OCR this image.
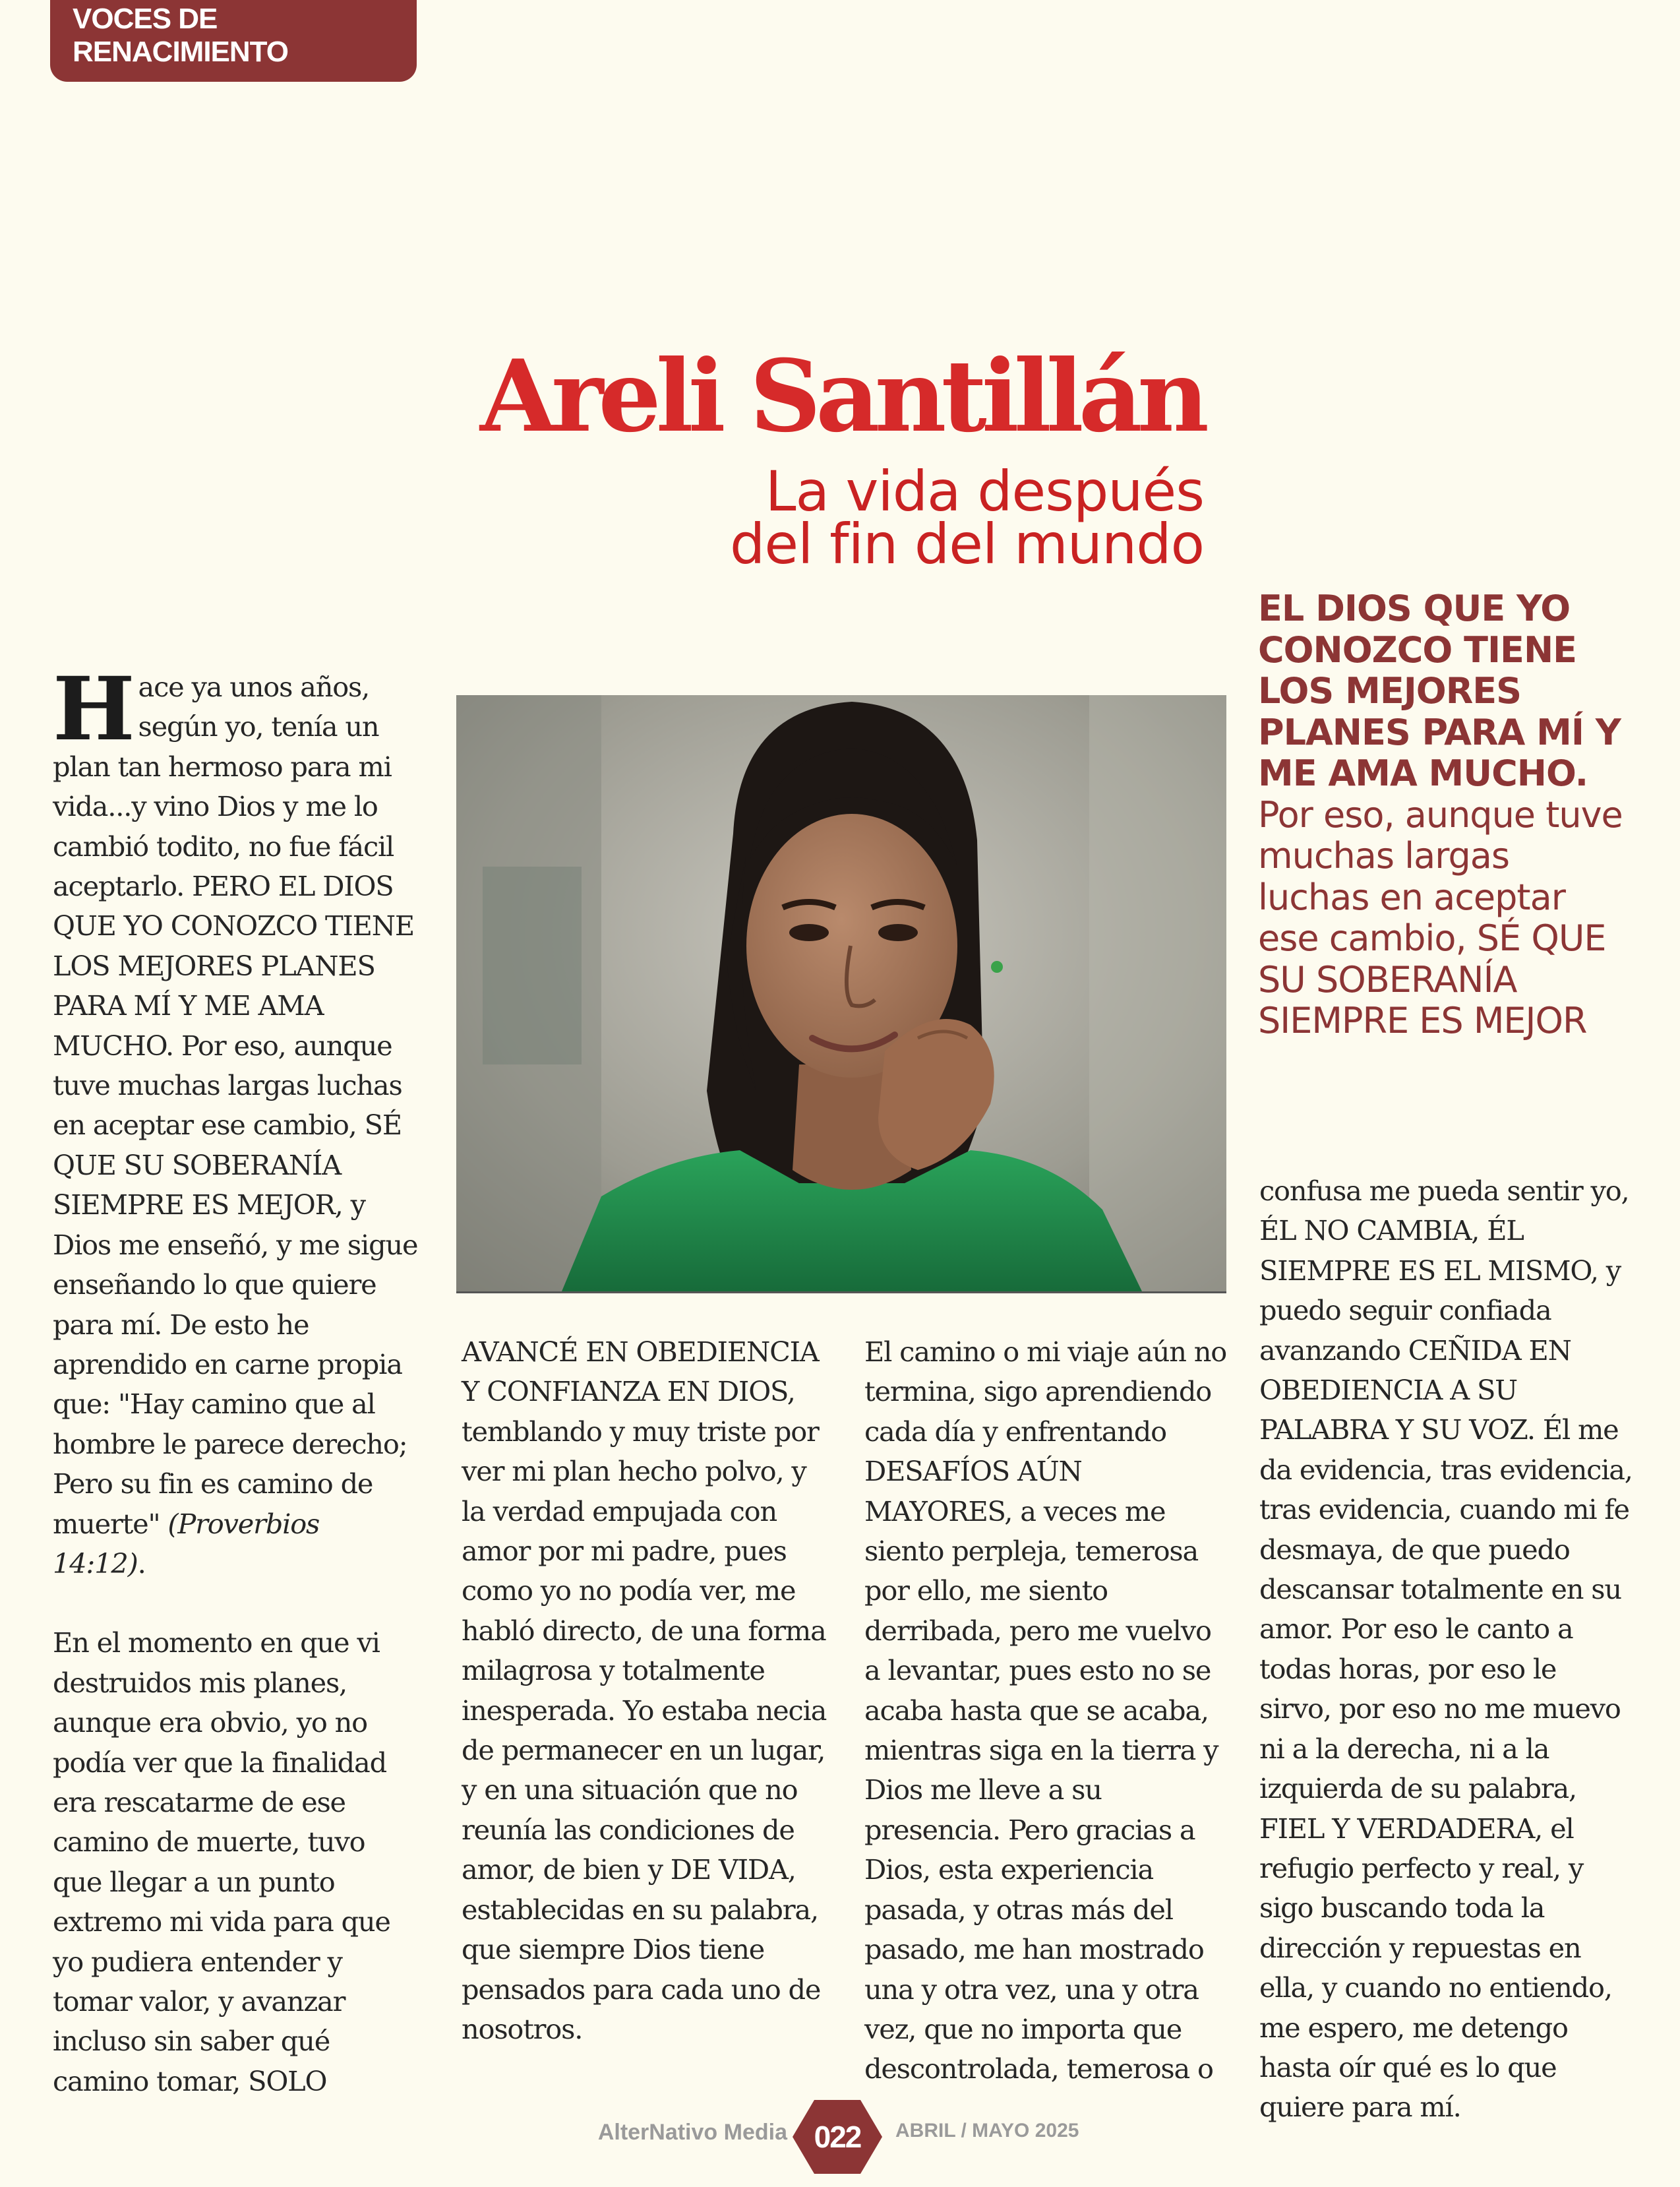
VOCES DE RENACIMIENTO
Areli Santillán
La vida después
del fin del mundo
EL DIOS QUE YO CONOZCO TIENE LOS MEJORES PLANES PARA MÍ Y ME AMA MUCHO. Por eso, aunque tuve muchas largas luchas en aceptar ese cambio, SÉ QUE SU SOBERANÍA SIEMPRE ES MEJOR

Hace ya unos años, según yo, tenía un plan tan hermoso para mi vida...y vino Dios y me lo cambió todito, no fue fácil aceptarlo. PERO EL DIOS QUE YO CONOZCO TIENE LOS MEJORES PLANES PARA MÍ Y ME AMA MUCHO. Por eso, aunque tuve muchas largas luchas en aceptar ese cambio, SÉ QUE SU SOBERANÍA SIEMPRE ES MEJOR, y Dios me enseñó, y me sigue enseñando lo que quiere para mí. De esto he aprendido en carne propia que: "Hay camino que al hombre le parece derecho; Pero su fin es camino de muerte" (Proverbios 14:12).

En el momento en que vi destruidos mis planes, aunque era obvio, yo no podía ver que la finalidad era rescatarme de ese camino de muerte, tuvo que llegar a un punto extremo mi vida para que yo pudiera entender y tomar valor, y avanzar incluso sin saber qué camino tomar, SOLO

AVANCÉ EN OBEDIENCIA Y CONFIANZA EN DIOS, temblando y muy triste por ver mi plan hecho polvo, y la verdad empujada con amor por mi padre, pues como yo no podía ver, me habló directo, de una forma milagrosa y totalmente inesperada. Yo estaba necia de permanecer en un lugar, y en una situación que no reunía las condiciones de amor, de bien y DE VIDA, establecidas en su palabra, que siempre Dios tiene pensados para cada uno de nosotros.

El camino o mi viaje aún no termina, sigo aprendiendo cada día y enfrentando DESAFÍOS AÚN MAYORES, a veces me siento perpleja, temerosa por ello, me siento derribada, pero me vuelvo a levantar, pues esto no se acaba hasta que se acaba, mientras siga en la tierra y Dios me lleve a su presencia. Pero gracias a Dios, esta experiencia pasada, y otras más del pasado, me han mostrado una y otra vez, una y otra vez, que no importa que descontrolada, temerosa o

confusa me pueda sentir yo, ÉL NO CAMBIA, ÉL SIEMPRE ES EL MISMO, y puedo seguir confiada avanzando CEÑIDA EN OBEDIENCIA A SU PALABRA Y SU VOZ. Él me da evidencia, tras evidencia, tras evidencia, cuando mi fe desmaya, de que puedo descansar totalmente en su amor. Por eso le canto a todas horas, por eso le sirvo, por eso no me muevo ni a la derecha, ni a la izquierda de su palabra, FIEL Y VERDADERA, el refugio perfecto y real, y sigo buscando toda la dirección y repuestas en ella, y cuando no entiendo, me espero, me detengo hasta oír qué es lo que quiere para mí.

AlterNativo Media 022	ABRIL / MAYO 2025
